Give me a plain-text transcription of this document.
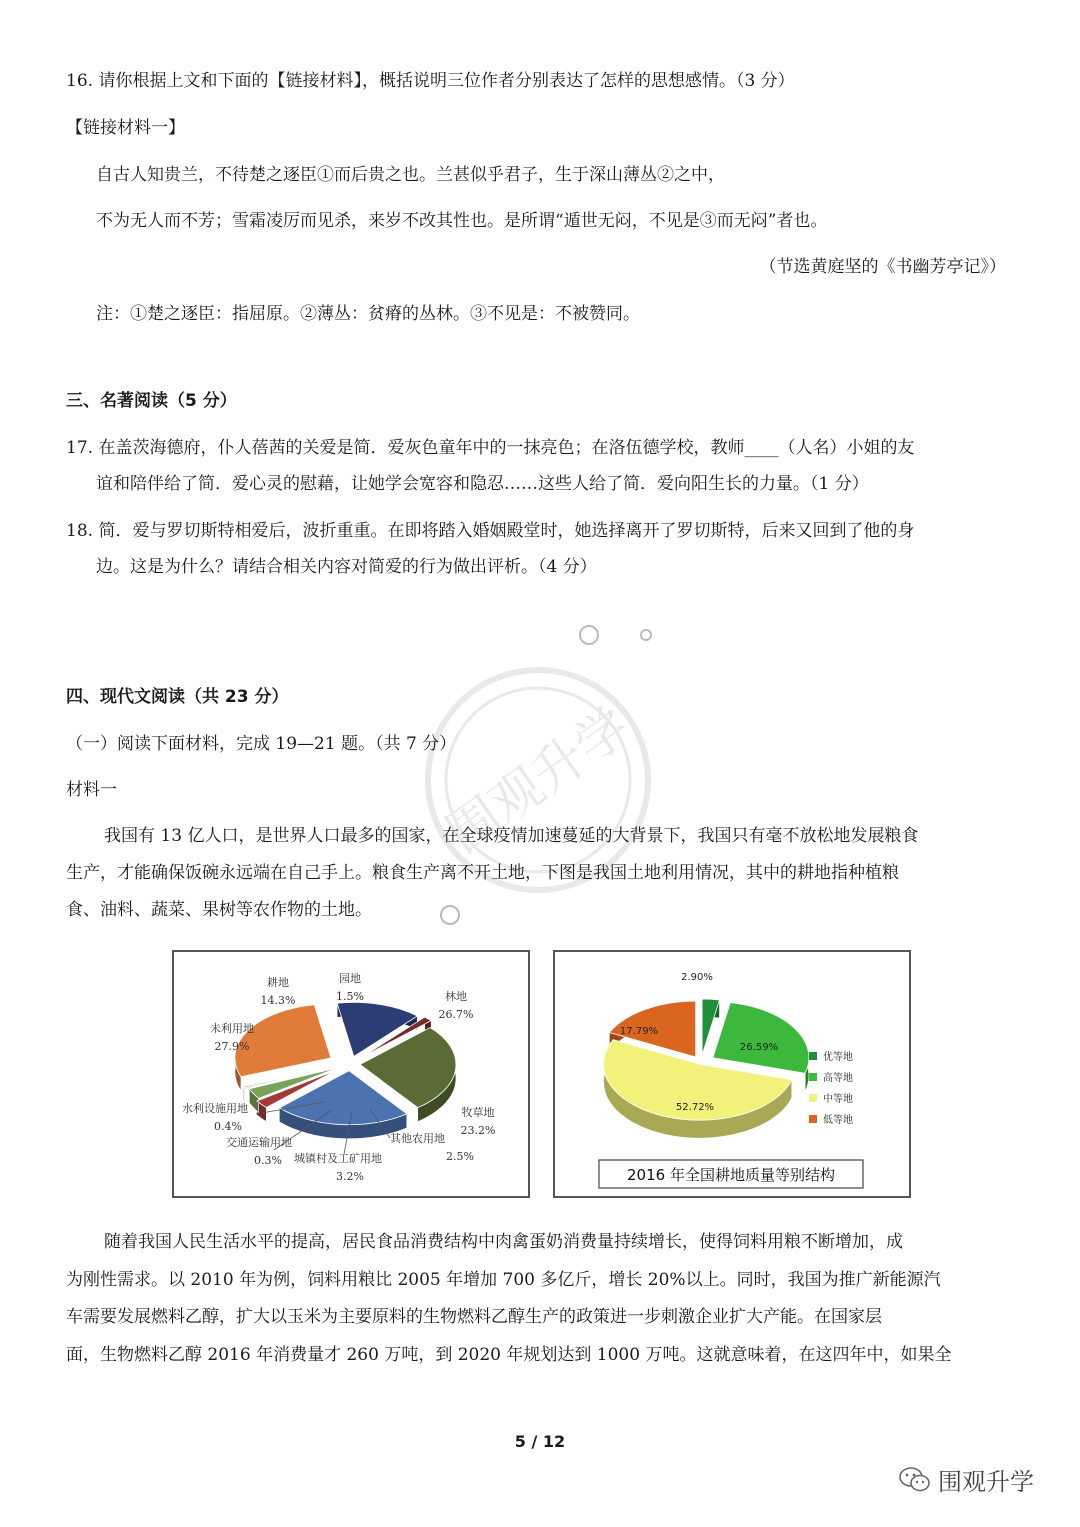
16. 请你根据上文和下面的【链接材料】，概括说明三位作者分别表达了怎样的思想感情。（3 分）
【链接材料一】
自古人知贵兰，不待楚之逐臣①而后贵之也。兰甚似乎君子，生于深山薄丛②之中，
不为无人而不芳；雪霜凌厉而见杀，来岁不改其性也。是所谓“遁世无闷，不见是③而无闷”者也。
（节选黄庭坚的《书幽芳亭记》）
注：①楚之逐臣：指屈原。②薄丛：贫瘠的丛林。③不见是：不被赞同。
三、名著阅读（5 分）
17. 在盖茨海德府，仆人蓓茜的关爱是简．爱灰色童年中的一抹亮色；在洛伍德学校，教师____（人名）小姐的友
谊和陪伴给了简．爱心灵的慰藉，让她学会宽容和隐忍……这些人给了简．爱向阳生长的力量。（1 分）
18. 简．爱与罗切斯特相爱后，波折重重。在即将踏入婚姻殿堂时，她选择离开了罗切斯特，后来又回到了他的身
边。这是为什么？请结合相关内容对简爱的行为做出评析。（4 分）
围观升学
四、现代文阅读（共 23 分）
（一）阅读下面材料，完成 19—21 题。（共 7 分）
材料一
我国有 13 亿人口，是世界人口最多的国家，在全球疫情加速蔓延的大背景下，我国只有毫不放松地发展粮食
生产，才能确保饭碗永远端在自己手上。粮食生产离不开土地，下图是我国土地利用情况，其中的耕地指种植粮
食、油料、蔬菜、果树等农作物的土地。
耕地
14.3%
园地
1.5%	林地
26.7%
牧草地
23.2%
其他农用地
2.5%
城镇村及工矿用地
3.2%
交通运输用地
0.3%
水利设施用地
0.4%
未利用地
27.9%
2.90%
26.59%
52.72%
17.79%
优等地
高等地
中等地
低等地
2016 年全国耕地质量等别结构
随着我国人民生活水平的提高，居民食品消费结构中肉禽蛋奶消费量持续增长，使得饲料用粮不断增加，成
为刚性需求。以 2010 年为例，饲料用粮比 2005 年增加 700 多亿斤，增长 20%以上。同时，我国为推广新能源汽
车需要发展燃料乙醇，扩大以玉米为主要原料的生物燃料乙醇生产的政策进一步刺激企业扩大产能。在国家层
面，生物燃料乙醇 2016 年消费量才 260 万吨，到 2020 年规划达到 1000 万吨。这就意味着，在这四年中，如果全
5 / 12
围观升学
